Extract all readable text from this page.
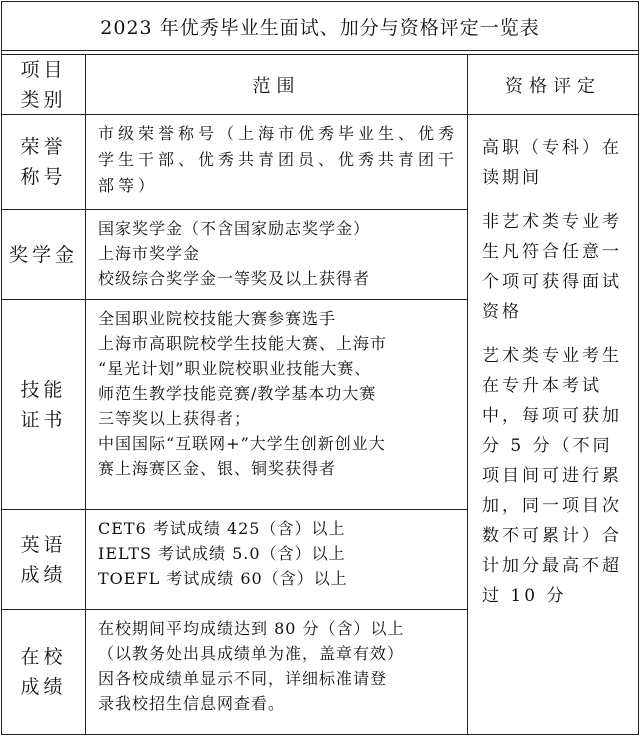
2023 年优秀毕业生面试、加分与资格评定一览表
项目
类别
范围	资格评定
荣誉
称号
市级荣誉称号（上海市优秀毕业生、优秀学生干部、优秀共青团员、优秀共青团干部等）

高职（专科）在读期间

非艺术类专业考生凡符合任意一个项可获得面试资格

艺术类专业考生在专升本考试中，每项可获加分 5 分（不同项目间可进行累加，同一项目次数不可累计）合计加分最高不超过 10 分

奖学金
国家奖学金（不含国家励志奖学金）
上海市奖学金
校级综合奖学金一等奖及以上获得者
技能
证书
全国职业院校技能大赛参赛选手
上海市高职院校学生技能大赛、上海市
“星光计划”职业院校职业技能大赛、
师范生教学技能竞赛/教学基本功大赛
三等奖以上获得者；
中国国际“互联网+”大学生创新创业大
赛上海赛区金、银、铜奖获得者
英语
成绩
CET6 考试成绩 425（含）以上
IELTS 考试成绩 5.0（含）以上
TOEFL 考试成绩 60（含）以上
在校
成绩
在校期间平均成绩达到 80 分（含）以上
（以教务处出具成绩单为准，盖章有效）
因各校成绩单显示不同，详细标准请登
录我校招生信息网查看。
